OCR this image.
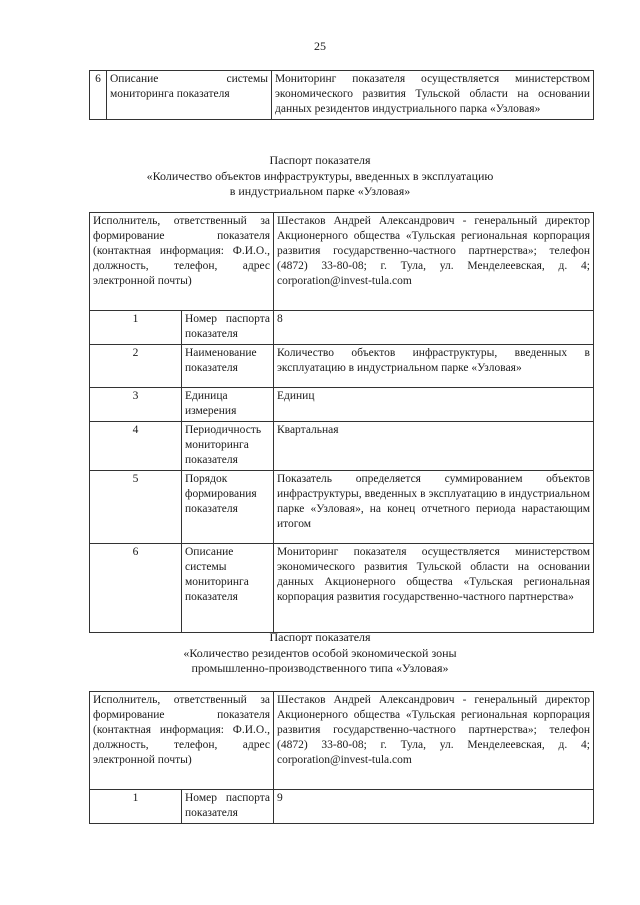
25
6	Описание системы мониторинга показателя	Мониторинг показателя осуществляется министерством экономического развития Тульской области на основании данных резидентов индустриального парка «Узловая»
Паспорт показателя
«Количество объектов инфраструктуры, введенных в эксплуатацию
в индустриальном парке «Узловая»
Исполнитель, ответственный за формирование показателя (контактная информация: Ф.И.О., должность, телефон, адрес электронной почты)		Шестаков Андрей Александрович - генеральный директор Акционерного общества «Тульская региональная корпорация развития государственно-частного партнерства»; телефон (4872) 33-80-08; г. Тула, ул. Менделеевская, д. 4; corporation@invest-tula.com
1	Номер паспорта показателя	8
2	Наименование показателя	Количество объектов инфраструктуры, введенных в эксплуатацию в индустриальном парке «Узловая»
3	Единица измерения	Единиц
4	Периодичность мониторинга показателя	Квартальная
5	Порядок формирования показателя	Показатель определяется суммированием объектов инфраструктуры, введенных в эксплуатацию в индустриальном парке «Узловая», на конец отчетного периода нарастающим итогом
6	Описание системы мониторинга показателя	Мониторинг показателя осуществляется министерством экономического развития Тульской области на основании данных Акционерного общества «Тульская региональная корпорация развития государственно-частного партнерства»
Паспорт показателя
«Количество резидентов особой экономической зоны
промышленно-производственного типа «Узловая»
Исполнитель, ответственный за формирование показателя (контактная информация: Ф.И.О., должность, телефон, адрес электронной почты)		Шестаков Андрей Александрович - генеральный директор Акционерного общества «Тульская региональная корпорация развития государственно-частного партнерства»; телефон (4872) 33-80-08; г. Тула, ул. Менделеевская, д. 4; corporation@invest-tula.com
1	Номер паспорта показателя	9
